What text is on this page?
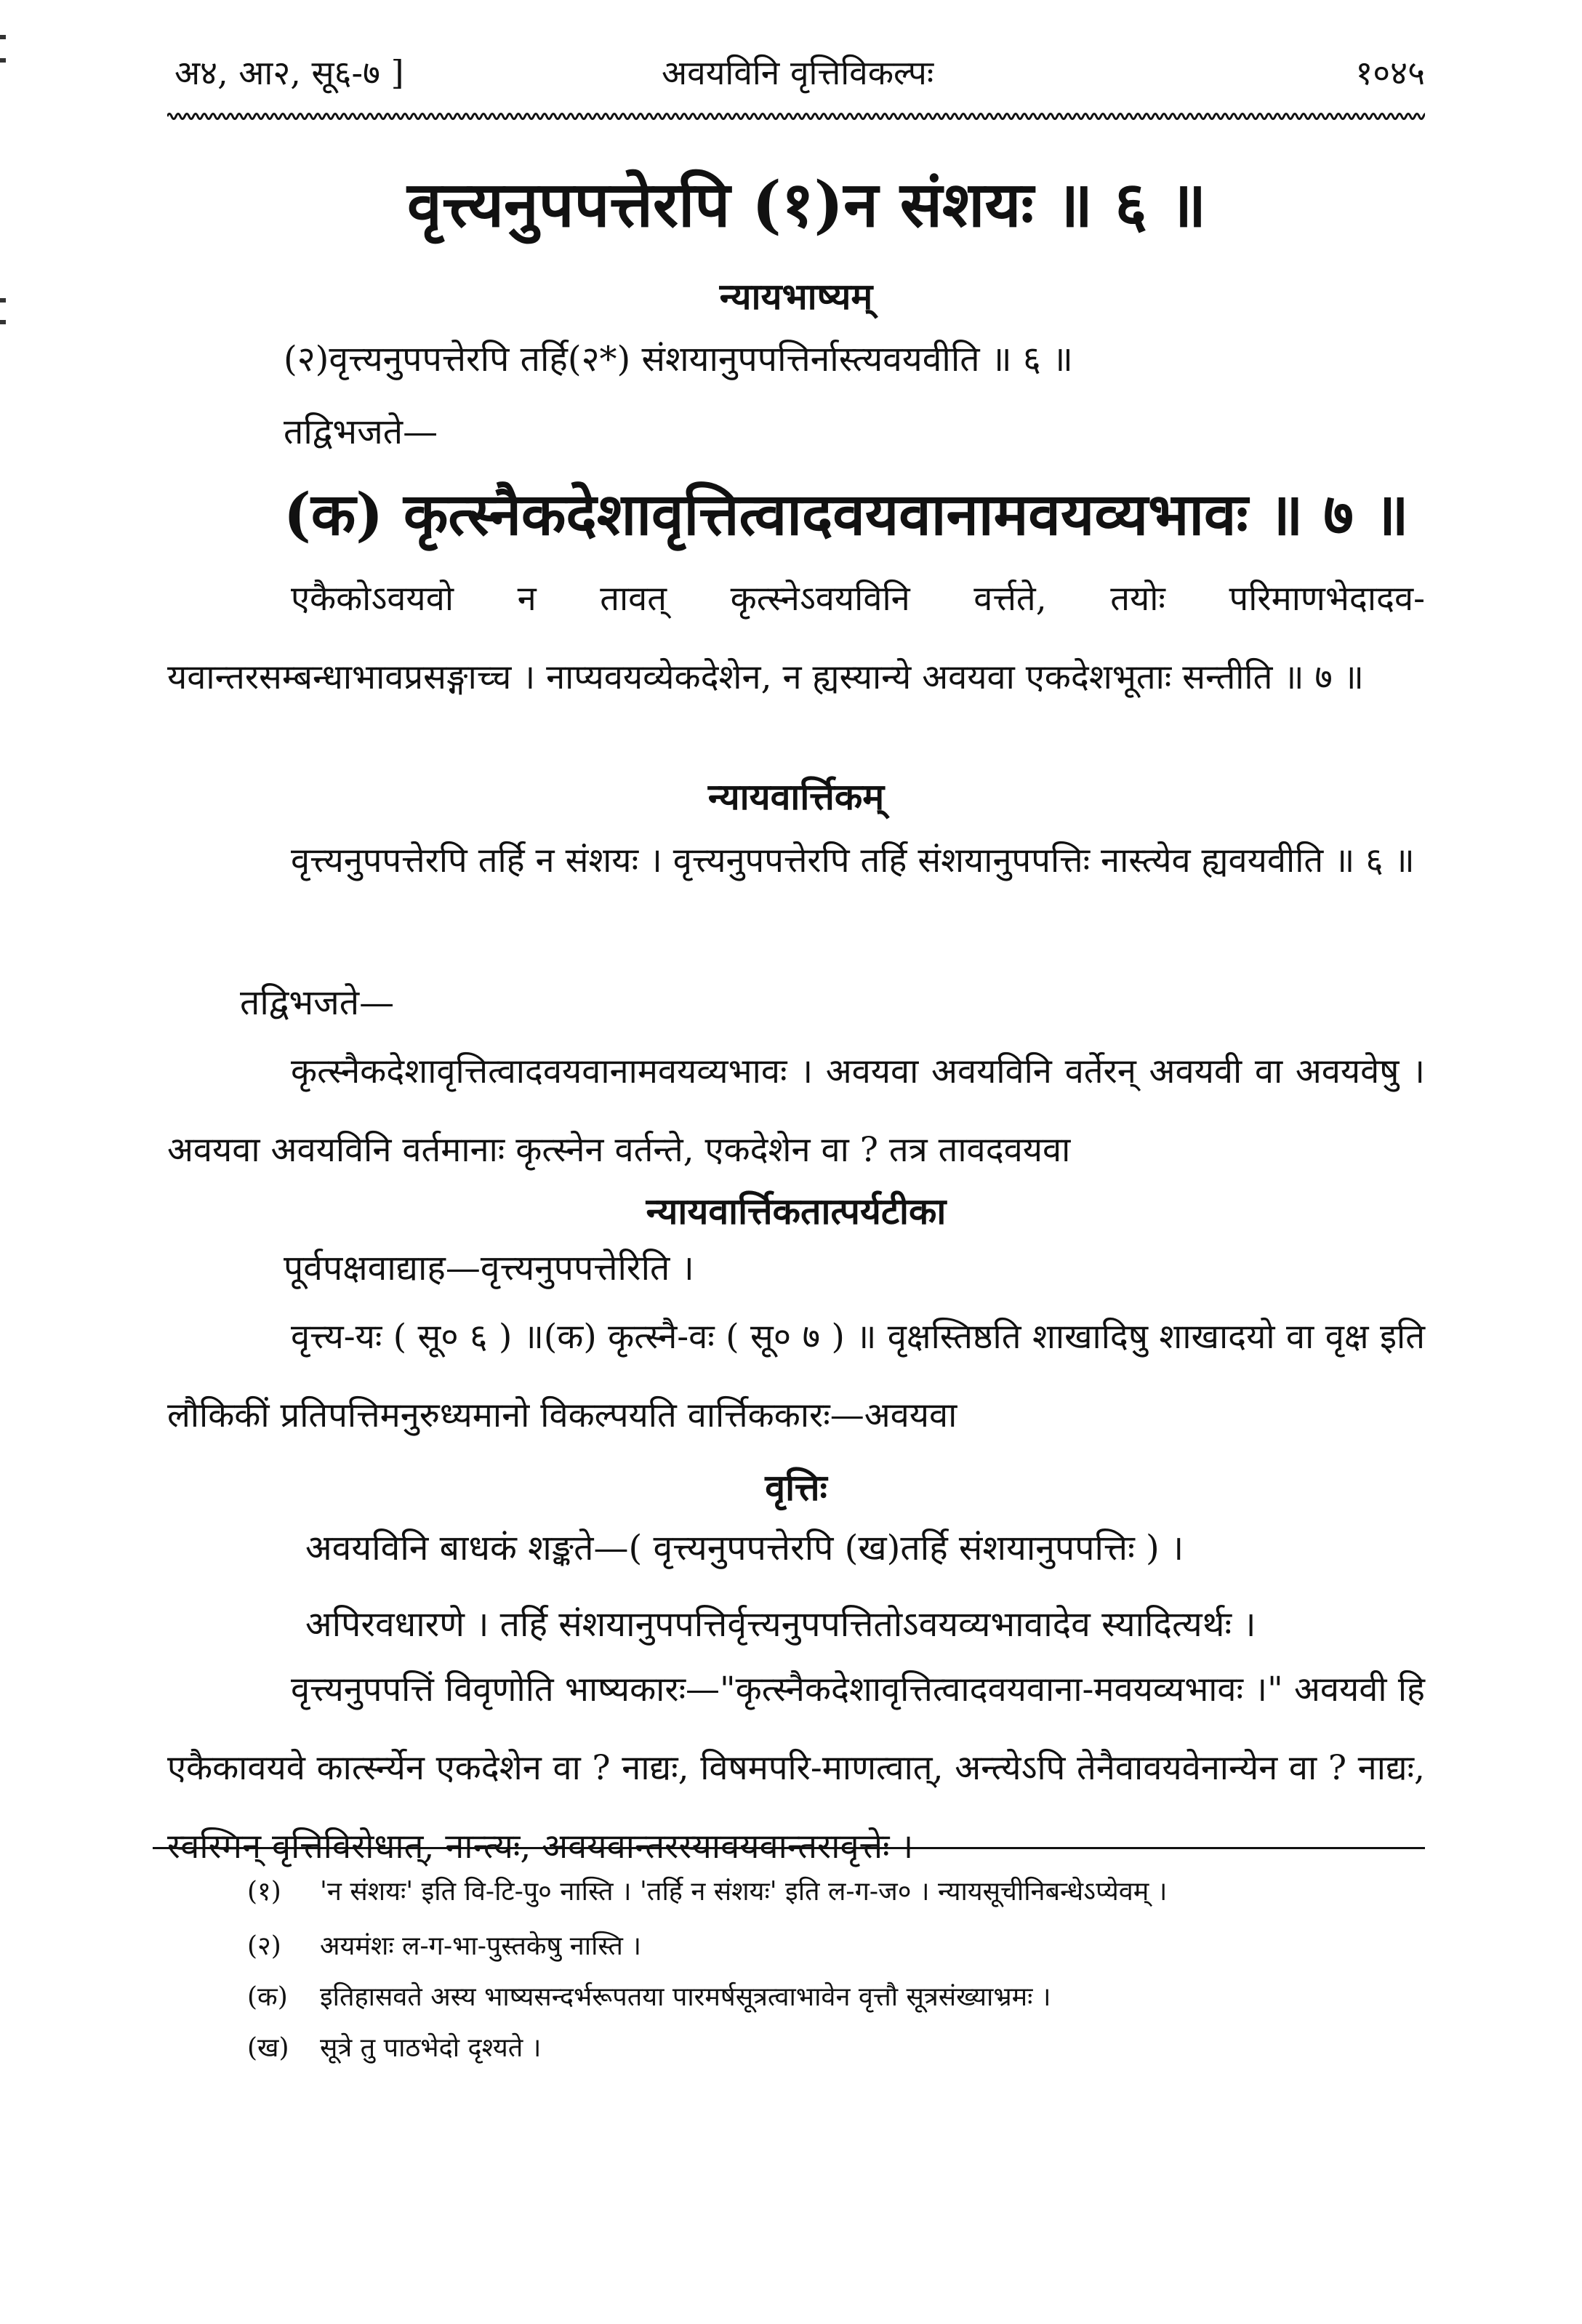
अ४, आ२, सू६-७ ]	अवयविनि वृत्तिविकल्पः	१०४५
वृत्त्यनुपपत्तेरपि (१)न संशयः ॥ ६ ॥
न्यायभाष्यम्
(२)वृत्त्यनुपपत्तेरपि तर्हि(२*) संशयानुपपत्तिर्नास्त्यवयवीति ॥ ६ ॥
तद्विभजते—
(क) कृत्स्नैकदेशावृत्तित्वादवयवानामवयव्यभावः ॥ ७ ॥

एकैकोऽवयवो न तावत् कृत्स्नेऽवयविनि वर्त्तते, तयोः परिमाणभेदादव-यवान्तरसम्बन्धाभावप्रसङ्गाच्च । नाप्यवयव्येकदेशेन, न ह्यस्यान्ये अवयवा एकदेशभूताः सन्तीति ॥ ७ ॥

न्यायवार्त्तिकम्

वृत्त्यनुपपत्तेरपि तर्हि न संशयः । वृत्त्यनुपपत्तेरपि तर्हि संशयानुपपत्तिः नास्त्येव ह्यवयवीति ॥ ६ ॥

तद्विभजते—

कृत्स्नैकदेशावृत्तित्वादवयवानामवयव्यभावः । अवयवा अवयविनि वर्तेरन् अवयवी वा अवयवेषु । अवयवा अवयविनि वर्तमानाः कृत्स्नेन वर्तन्ते, एकदेशेन वा ? तत्र तावदवयवा

न्यायवार्त्तिकतात्पर्यटीका
पूर्वपक्षवाद्याह—वृत्त्यनुपपत्तेरिति ।

वृत्त्य-यः ( सू० ६ ) ॥(क) कृत्स्नै-वः ( सू० ७ ) ॥ वृक्षस्तिष्ठति शाखादिषु शाखादयो वा वृक्ष इति लौकिकीं प्रतिपत्तिमनुरुध्यमानो विकल्पयति वार्त्तिककारः—अवयवा

वृत्तिः
अवयविनि बाधकं शङ्कते—( वृत्त्यनुपपत्तेरपि (ख)तर्हि संशयानुपपत्तिः ) ।
अपिरवधारणे । तर्हि संशयानुपपत्तिर्वृत्त्यनुपपत्तितोऽवयव्यभावादेव स्यादित्यर्थः ।

वृत्त्यनुपपत्तिं विवृणोति भाष्यकारः—"कृत्स्नैकदेशावृत्तित्वादवयवाना-मवयव्यभावः ।" अवयवी हि एकैकावयवे कार्त्स्न्येन एकदेशेन वा ? नाद्यः, विषमपरि-माणत्वात्, अन्त्येऽपि तेनैवावयवेनान्येन वा ? नाद्यः, स्वस्मिन् वृत्तिविरोधात्, नान्त्यः, अवयवान्तरस्यावयवान्तरावृत्तेः ।

(१) 'न संशयः' इति वि-टि-पु० नास्ति । 'तर्हि न संशयः' इति ल-ग-ज० । न्यायसूचीनिबन्धेऽप्येवम् ।
(२) अयमंशः ल-ग-भा-पुस्तकेषु नास्ति ।
(क) इतिहासवते अस्य भाष्यसन्दर्भरूपतया पारमर्षसूत्रत्वाभावेन वृत्तौ सूत्रसंख्याभ्रमः ।
(ख) सूत्रे तु पाठभेदो दृश्यते ।
